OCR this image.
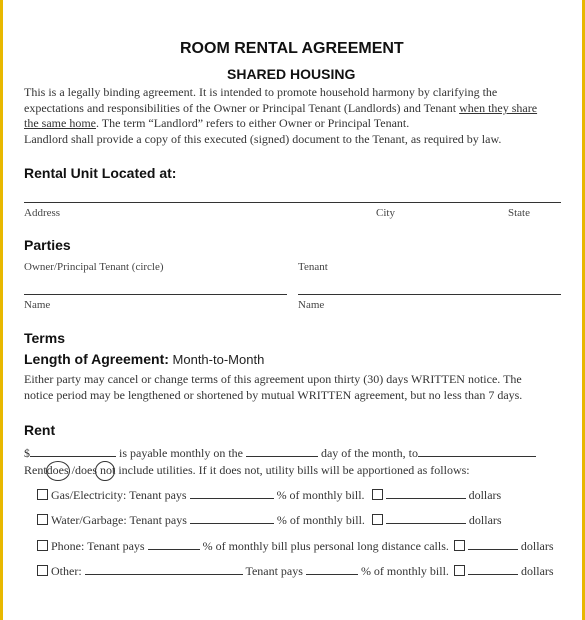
ROOM RENTAL AGREEMENT
SHARED HOUSING
This is a legally binding agreement. It is intended to promote household harmony by clarifying the
expectations and responsibilities of the Owner or Principal Tenant (Landlords) and Tenant when they share
the same home. The term “Landlord” refers to either Owner or Principal Tenant.
Landlord shall provide a copy of this executed (signed) document to the Tenant, as required by law.
Rental Unit Located at:
Address	City	State
Parties
Owner/Principal Tenant (circle)	Tenant
Name	Name
Terms
Length of Agreement: Month-to-Month
Either party may cancel or change terms of this agreement upon thirty (30) days WRITTEN notice. The
notice period may be lengthened or shortened by mutual WRITTEN agreement, but no less than 7 days.
Rent
$	is payable monthly on the	day of the month, to
Rentdoes /does not include utilities. If it does not, utility bills will be apportioned as follows:
Gas/Electricity: Tenant pays	% of monthly bill.	dollars
Water/Garbage: Tenant pays	% of monthly bill.	dollars
Phone: Tenant pays	% of monthly bill plus personal long distance calls.	dollars
Other:	Tenant pays	% of monthly bill.	dollars
